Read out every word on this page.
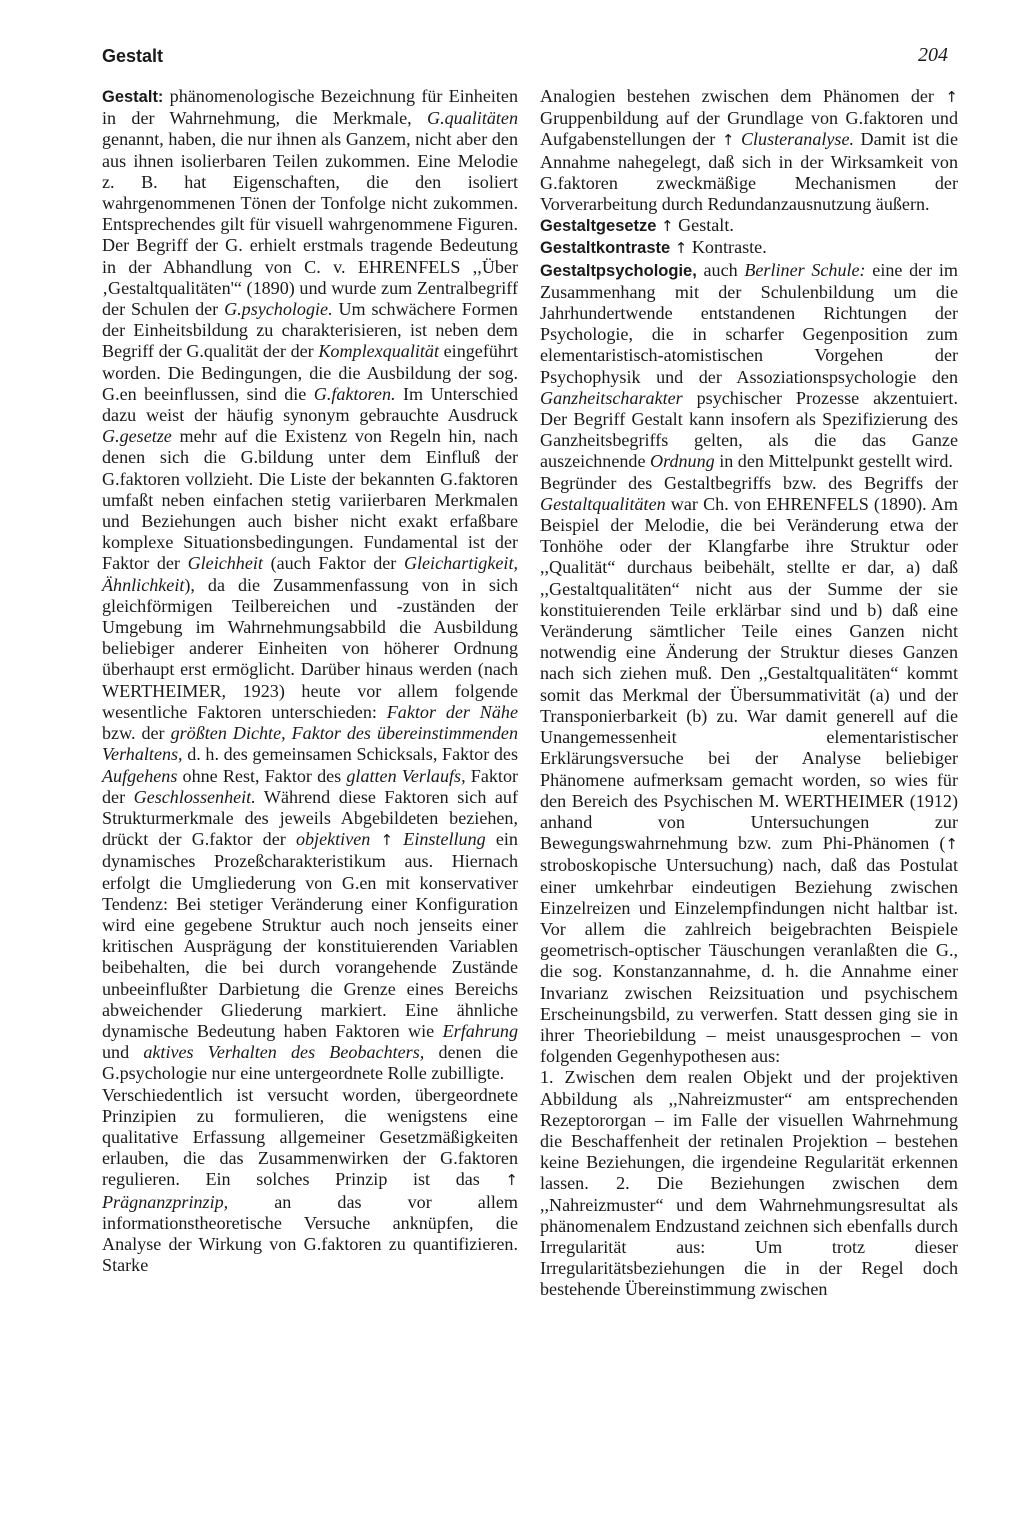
Gestalt	204

Gestalt: phänomenologische Bezeichnung für Einheiten in der Wahrnehmung, die Merkmale, G.qualitäten genannt, haben, die nur ihnen als Ganzem, nicht aber den aus ihnen isolierbaren Teilen zukommen. Eine Melodie z. B. hat Eigenschaften, die den isoliert wahrgenommenen Tönen der Tonfolge nicht zukommen. Entsprechendes gilt für visuell wahrgenommene Figuren. Der Begriff der G. erhielt erstmals tragende Bedeutung in der Abhandlung von C. v. EHRENFELS ,,Über ‚Gestaltqualitäten'“ (1890) und wurde zum Zentralbegriff der Schulen der G.psychologie. Um schwächere Formen der Einheitsbildung zu charakterisieren, ist neben dem Begriff der G.qualität der der Komplexqualität eingeführt worden. Die Bedingungen, die die Ausbildung der sog. G.en beeinflussen, sind die G.faktoren. Im Unterschied dazu weist der häufig synonym gebrauchte Ausdruck G.gesetze mehr auf die Existenz von Regeln hin, nach denen sich die G.bildung unter dem Einfluß der G.faktoren vollzieht. Die Liste der bekannten G.faktoren umfaßt neben einfachen stetig variierbaren Merkmalen und Beziehungen auch bisher nicht exakt erfaßbare komplexe Situationsbedingungen. Fundamental ist der Faktor der Gleichheit (auch Faktor der Gleichartigkeit, Ähnlichkeit), da die Zusammenfassung von in sich gleichförmigen Teilbereichen und -zuständen der Umgebung im Wahrnehmungsabbild die Ausbildung beliebiger anderer Einheiten von höherer Ordnung überhaupt erst ermöglicht. Darüber hinaus werden (nach WERTHEIMER, 1923) heute vor allem folgende wesentliche Faktoren unterschieden: Faktor der Nähe bzw. der größten Dichte, Faktor des übereinstimmenden Verhaltens, d. h. des gemeinsamen Schicksals, Faktor des Aufgehens ohne Rest, Faktor des glatten Verlaufs, Faktor der Geschlossenheit. Während diese Faktoren sich auf Strukturmerkmale des jeweils Abgebildeten beziehen, drückt der G.faktor der objektiven ↑ Einstellung ein dynamisches Prozeßcharakteristikum aus. Hiernach erfolgt die Umgliederung von G.en mit konservativer Tendenz: Bei stetiger Veränderung einer Konfiguration wird eine gegebene Struktur auch noch jenseits einer kritischen Ausprägung der konstituierenden Variablen beibehalten, die bei durch vorangehende Zustände unbeeinflußter Darbietung die Grenze eines Bereichs abweichender Gliederung markiert. Eine ähnliche dynamische Bedeutung haben Faktoren wie Erfahrung und aktives Verhalten des Beobachters, denen die G.psychologie nur eine untergeordnete Rolle zubilligte.

Verschiedentlich ist versucht worden, übergeordnete Prinzipien zu formulieren, die wenigstens eine qualitative Erfassung allgemeiner Gesetzmäßigkeiten erlauben, die das Zusammenwirken der G.faktoren regulieren. Ein solches Prinzip ist das ↑ Prägnanzprinzip, an das vor allem informationstheoretische Versuche anknüpfen, die Analyse der Wirkung von G.faktoren zu quantifizieren. Starke

Analogien bestehen zwischen dem Phänomen der ↑ Gruppenbildung auf der Grundlage von G.faktoren und Aufgabenstellungen der ↑ Clusteranalyse. Damit ist die Annahme nahegelegt, daß sich in der Wirksamkeit von G.faktoren zweckmäßige Mechanismen der Vorverarbeitung durch Redundanzausnutzung äußern.

Gestaltgesetze ↑ Gestalt.

Gestaltkontraste ↑ Kontraste.

Gestaltpsychologie, auch Berliner Schule: eine der im Zusammenhang mit der Schulenbildung um die Jahrhundertwende entstandenen Richtungen der Psychologie, die in scharfer Gegenposition zum elementaristisch-atomistischen Vorgehen der Psychophysik und der Assoziationspsychologie den Ganzheitscharakter psychischer Prozesse akzentuiert. Der Begriff Gestalt kann insofern als Spezifizierung des Ganzheitsbegriffs gelten, als die das Ganze auszeichnende Ordnung in den Mittelpunkt gestellt wird.

Begründer des Gestaltbegriffs bzw. des Begriffs der Gestaltqualitäten war Ch. von EHRENFELS (1890). Am Beispiel der Melodie, die bei Veränderung etwa der Tonhöhe oder der Klangfarbe ihre Struktur oder ,,Qualität“ durchaus beibehält, stellte er dar, a) daß ,,Gestaltqualitäten“ nicht aus der Summe der sie konstituierenden Teile erklärbar sind und b) daß eine Veränderung sämtlicher Teile eines Ganzen nicht notwendig eine Änderung der Struktur dieses Ganzen nach sich ziehen muß. Den ,,Gestaltqualitäten“ kommt somit das Merkmal der Übersummativität (a) und der Transponierbarkeit (b) zu. War damit generell auf die Unangemessenheit elementaristischer Erklärungsversuche bei der Analyse beliebiger Phänomene aufmerksam gemacht worden, so wies für den Bereich des Psychischen M. WERTHEIMER (1912) anhand von Untersuchungen zur Bewegungswahrnehmung bzw. zum Phi-Phänomen (↑ stroboskopische Untersuchung) nach, daß das Postulat einer umkehrbar eindeutigen Beziehung zwischen Einzelreizen und Einzelempfindungen nicht haltbar ist. Vor allem die zahlreich beigebrachten Beispiele geometrisch-optischer Täuschungen veranlaßten die G., die sog. Konstanzannahme, d. h. die Annahme einer Invarianz zwischen Reizsituation und psychischem Erscheinungsbild, zu verwerfen. Statt dessen ging sie in ihrer Theoriebildung – meist unausgesprochen – von folgenden Gegenhypothesen aus:

1. Zwischen dem realen Objekt und der projektiven Abbildung als ,,Nahreizmuster“ am entsprechenden Rezeptororgan – im Falle der visuellen Wahrnehmung die Beschaffenheit der retinalen Projektion – bestehen keine Beziehungen, die irgendeine Regularität erkennen lassen. 2. Die Beziehungen zwischen dem ,,Nahreizmuster“ und dem Wahrnehmungsresultat als phänomenalem Endzustand zeichnen sich ebenfalls durch Irregularität aus: Um trotz dieser Irregularitätsbeziehungen die in der Regel doch bestehende Übereinstimmung zwischen
